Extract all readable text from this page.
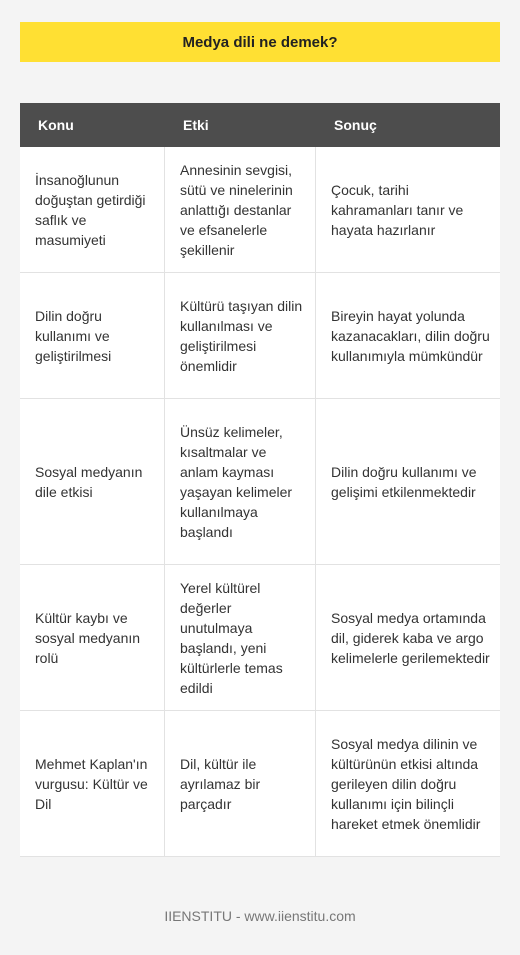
Medya dili ne demek?
Konu	Etki	Sonuç
İnsanoğlunun doğuştan getirdiği saflık ve masumiyeti
Annesinin sevgisi, sütü ve ninelerinin anlattığı destanlar ve efsanelerle şekillenir
Çocuk, tarihi kahramanları tanır ve hayata hazırlanır
Dilin doğru kullanımı ve geliştirilmesi
Kültürü taşıyan dilin kullanılması ve geliştirilmesi önemlidir
Bireyin hayat yolunda kazanacakları, dilin doğru kullanımıyla mümkündür
Sosyal medyanın dile etkisi
Ünsüz kelimeler, kısaltmalar ve anlam kayması yaşayan kelimeler kullanılmaya başlandı
Dilin doğru kullanımı ve gelişimi etkilenmektedir
Kültür kaybı ve sosyal medyanın rolü
Yerel kültürel değerler unutulmaya başlandı, yeni kültürlerle temas edildi
Sosyal medya ortamında dil, giderek kaba ve argo kelimelerle gerilemektedir
Mehmet Kaplan'ın vurgusu: Kültür ve Dil
Dil, kültür ile ayrılamaz bir parçadır
Sosyal medya dilinin ve kültürünün etkisi altında gerileyen dilin doğru kullanımı için bilinçli hareket etmek önemlidir
IIENSTITU - www.iienstitu.com
